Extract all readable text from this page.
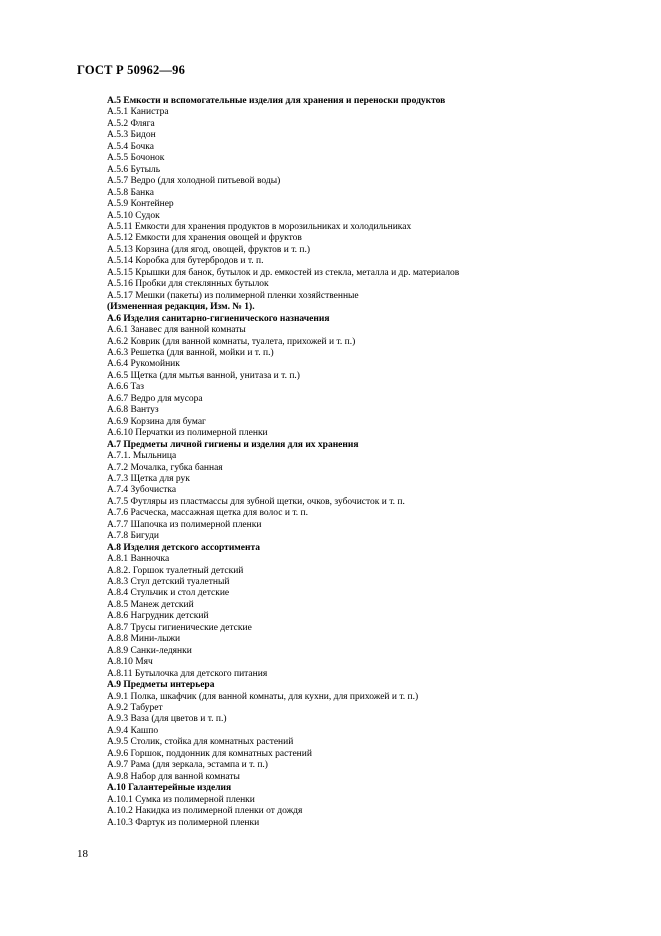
ГОСТ Р 50962—96
А.5 Емкости и вспомогательные изделия для хранения и переноски продуктов
А.5.1 Канистра
А.5.2 Фляга
А.5.3 Бидон
А.5.4 Бочка
А.5.5 Бочонок
А.5.6 Бутыль
А.5.7 Ведро (для холодной питьевой воды)
А.5.8 Банка
А.5.9 Контейнер
А.5.10 Судок
А.5.11 Емкости для хранения продуктов в морозильниках и холодильниках
А.5.12 Емкости для хранения овощей и фруктов
А.5.13 Корзина (для ягод, овощей, фруктов и т. п.)
А.5.14 Коробка для бутербродов и т. п.
А.5.15 Крышки для банок, бутылок и др. емкостей из стекла, металла и др. материалов
А.5.16 Пробки для стеклянных бутылок
А.5.17 Мешки (пакеты) из полимерной пленки хозяйственные
(Измененная редакция, Изм. № 1).
А.6 Изделия санитарно-гигиенического назначения
А.6.1 Занавес для ванной комнаты
А.6.2 Коврик (для ванной комнаты, туалета, прихожей и т. п.)
А.6.3 Решетка (для ванной, мойки и т. п.)
А.6.4 Рукомойник
А.6.5 Щетка (для мытья ванной, унитаза и т. п.)
А.6.6 Таз
А.6.7 Ведро для мусора
А.6.8 Вантуз
А.6.9 Корзина для бумаг
А.6.10 Перчатки из полимерной пленки
А.7 Предметы личной гигиены и изделия для их хранения
А.7.1. Мыльница
А.7.2 Мочалка, губка банная
А.7.3 Щетка для рук
А.7.4 Зубочистка
А.7.5 Футляры из пластмассы для зубной щетки, очков, зубочисток и т. п.
А.7.6 Расческа, массажная щетка для волос и т. п.
А.7.7 Шапочка из полимерной пленки
А.7.8 Бигуди
А.8 Изделия детского ассортимента
А.8.1 Ванночка
А.8.2. Горшок туалетный детский
А.8.3 Стул детский туалетный
А.8.4 Стульчик и стол детские
А.8.5 Манеж детский
А.8.6 Нагрудник детский
А.8.7 Трусы гигиенические детские
А.8.8 Мини-лыжи
А.8.9 Санки-ледянки
А.8.10 Мяч
А.8.11 Бутылочка для детского питания
А.9 Предметы интерьера
А.9.1 Полка, шкафчик (для ванной комнаты, для кухни, для прихожей и т. п.)
А.9.2 Табурет
А.9.3 Ваза (для цветов и т. п.)
А.9.4 Кашпо
А.9.5 Столик, стойка для комнатных растений
А.9.6 Горшок, поддонник для комнатных растений
А.9.7 Рама (для зеркала, эстампа и т. п.)
А.9.8 Набор для ванной комнаты
А.10 Галантерейные изделия
А.10.1 Сумка из полимерной пленки
А.10.2 Накидка из полимерной пленки от дождя
А.10.3 Фартук из полимерной пленки
18
